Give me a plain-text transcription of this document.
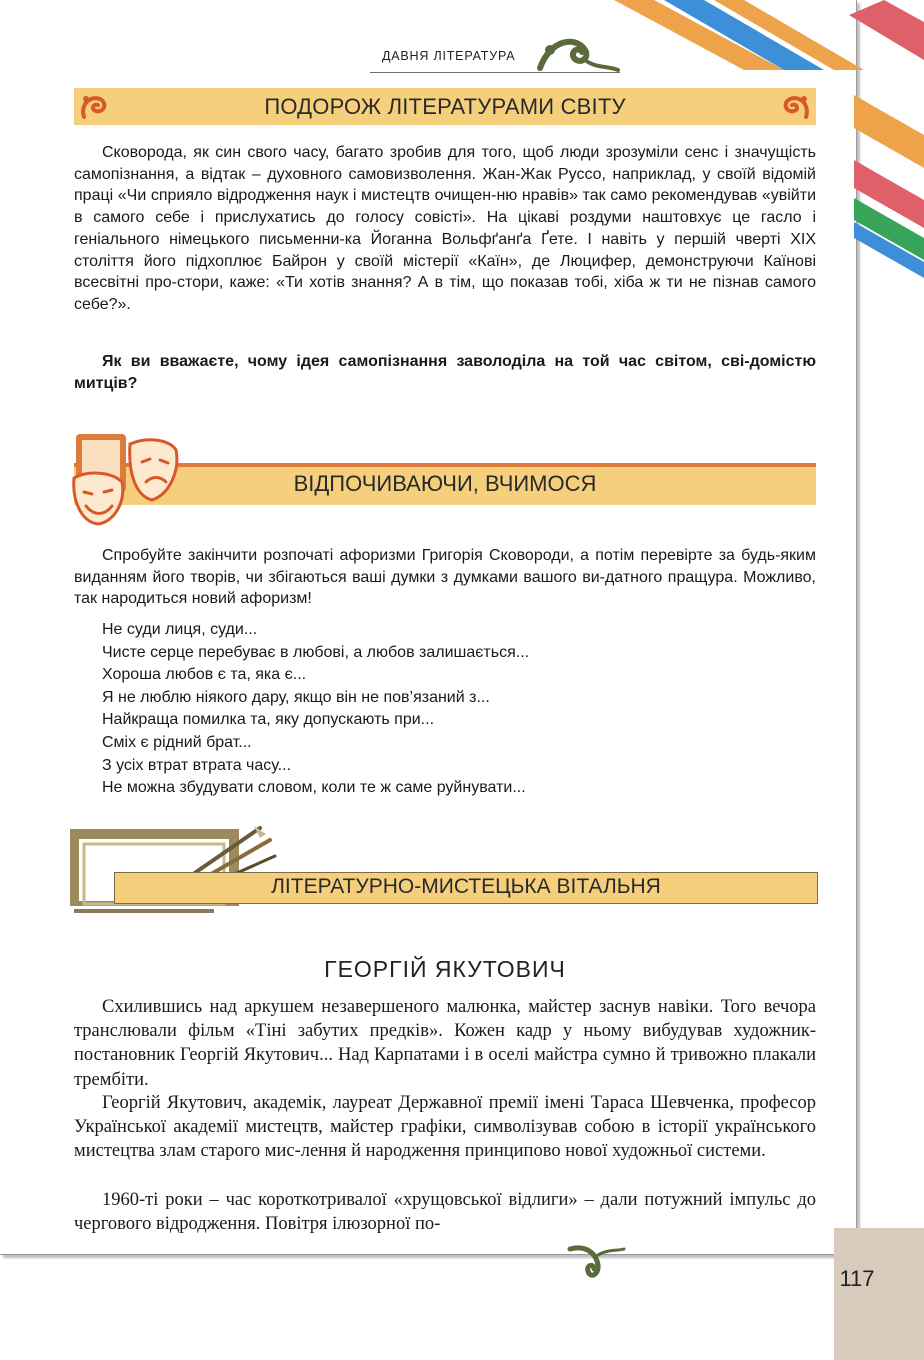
ДАВНЯ ЛІТЕРАТУРА
ПОДОРОЖ ЛІТЕРАТУРАМИ СВІТУ

Сковорода, як син свого часу, багато зробив для того, щоб люди зрозуміли сенс і значущість самопізнання, а відтак – духовного самовизволення. Жан-Жак Руссо, наприклад, у своїй відомій праці «Чи сприяло відродження наук і мистецтв очищен-ню нравів» так само рекомендував «увійти в самого себе і прислухатись до голосу совісті». На цікаві роздуми наштовхує це гасло і геніального німецького письменни-ка Йоганна Вольфґанґа Ґете. І навіть у першій чверті XIX століття його підхоплює Байрон у своїй містерії «Каїн», де Люцифер, демонструючи Каїнові всесвітні про-стори, каже: «Ти хотів знання? А в тім, що показав тобі, хіба ж ти не пізнав самого себе?».

Як ви вважаєте, чому ідея самопізнання заволоділа на той час світом, сві-домістю митців?
ВІДПОЧИВАЮЧИ, ВЧИМОСЯ

Спробуйте закінчити розпочаті афоризми Григорія Сковороди, а потім перевірте за будь-яким виданням його творів, чи збігаються ваші думки з думками вашого ви-датного пращура. Можливо, так народиться новий афоризм!

Не суди лиця, суди...
Чисте серце перебуває в любові, а любов залишається...
Хороша любов є та, яка є...
Я не люблю ніякого дару, якщо він не пов’язаний з...
Найкраща помилка та, яку допускають при...
Сміх є рідний брат...
З усіх втрат втрата часу...
Не можна збудувати словом, коли те ж саме руйнувати...
ЛІТЕРАТУРНО-МИСТЕЦЬКА ВІТАЛЬНЯ
ГЕОРГІЙ ЯКУТОВИЧ

Схилившись над аркушем незавершеного малюнка, майстер заснув навіки. Того вечора транслювали фільм «Тіні забутих предків». Кожен кадр у ньому вибудував художник-постановник Георгій Якутович... Над Карпатами і в оселі майстра сумно й тривожно плакали трембіти.

Георгій Якутович, академік, лауреат Державної премії імені Тараса Шевченка, професор Української академії мистецтв, майстер графіки, символізував собою в історії українського мистецтва злам старого мис-лення й народження принципово нової художньої системи.

1960-ті роки – час короткотривалої «хрущовської відлиги» – дали потужний імпульс до чергового відродження. Повітря ілюзорної по-

117
